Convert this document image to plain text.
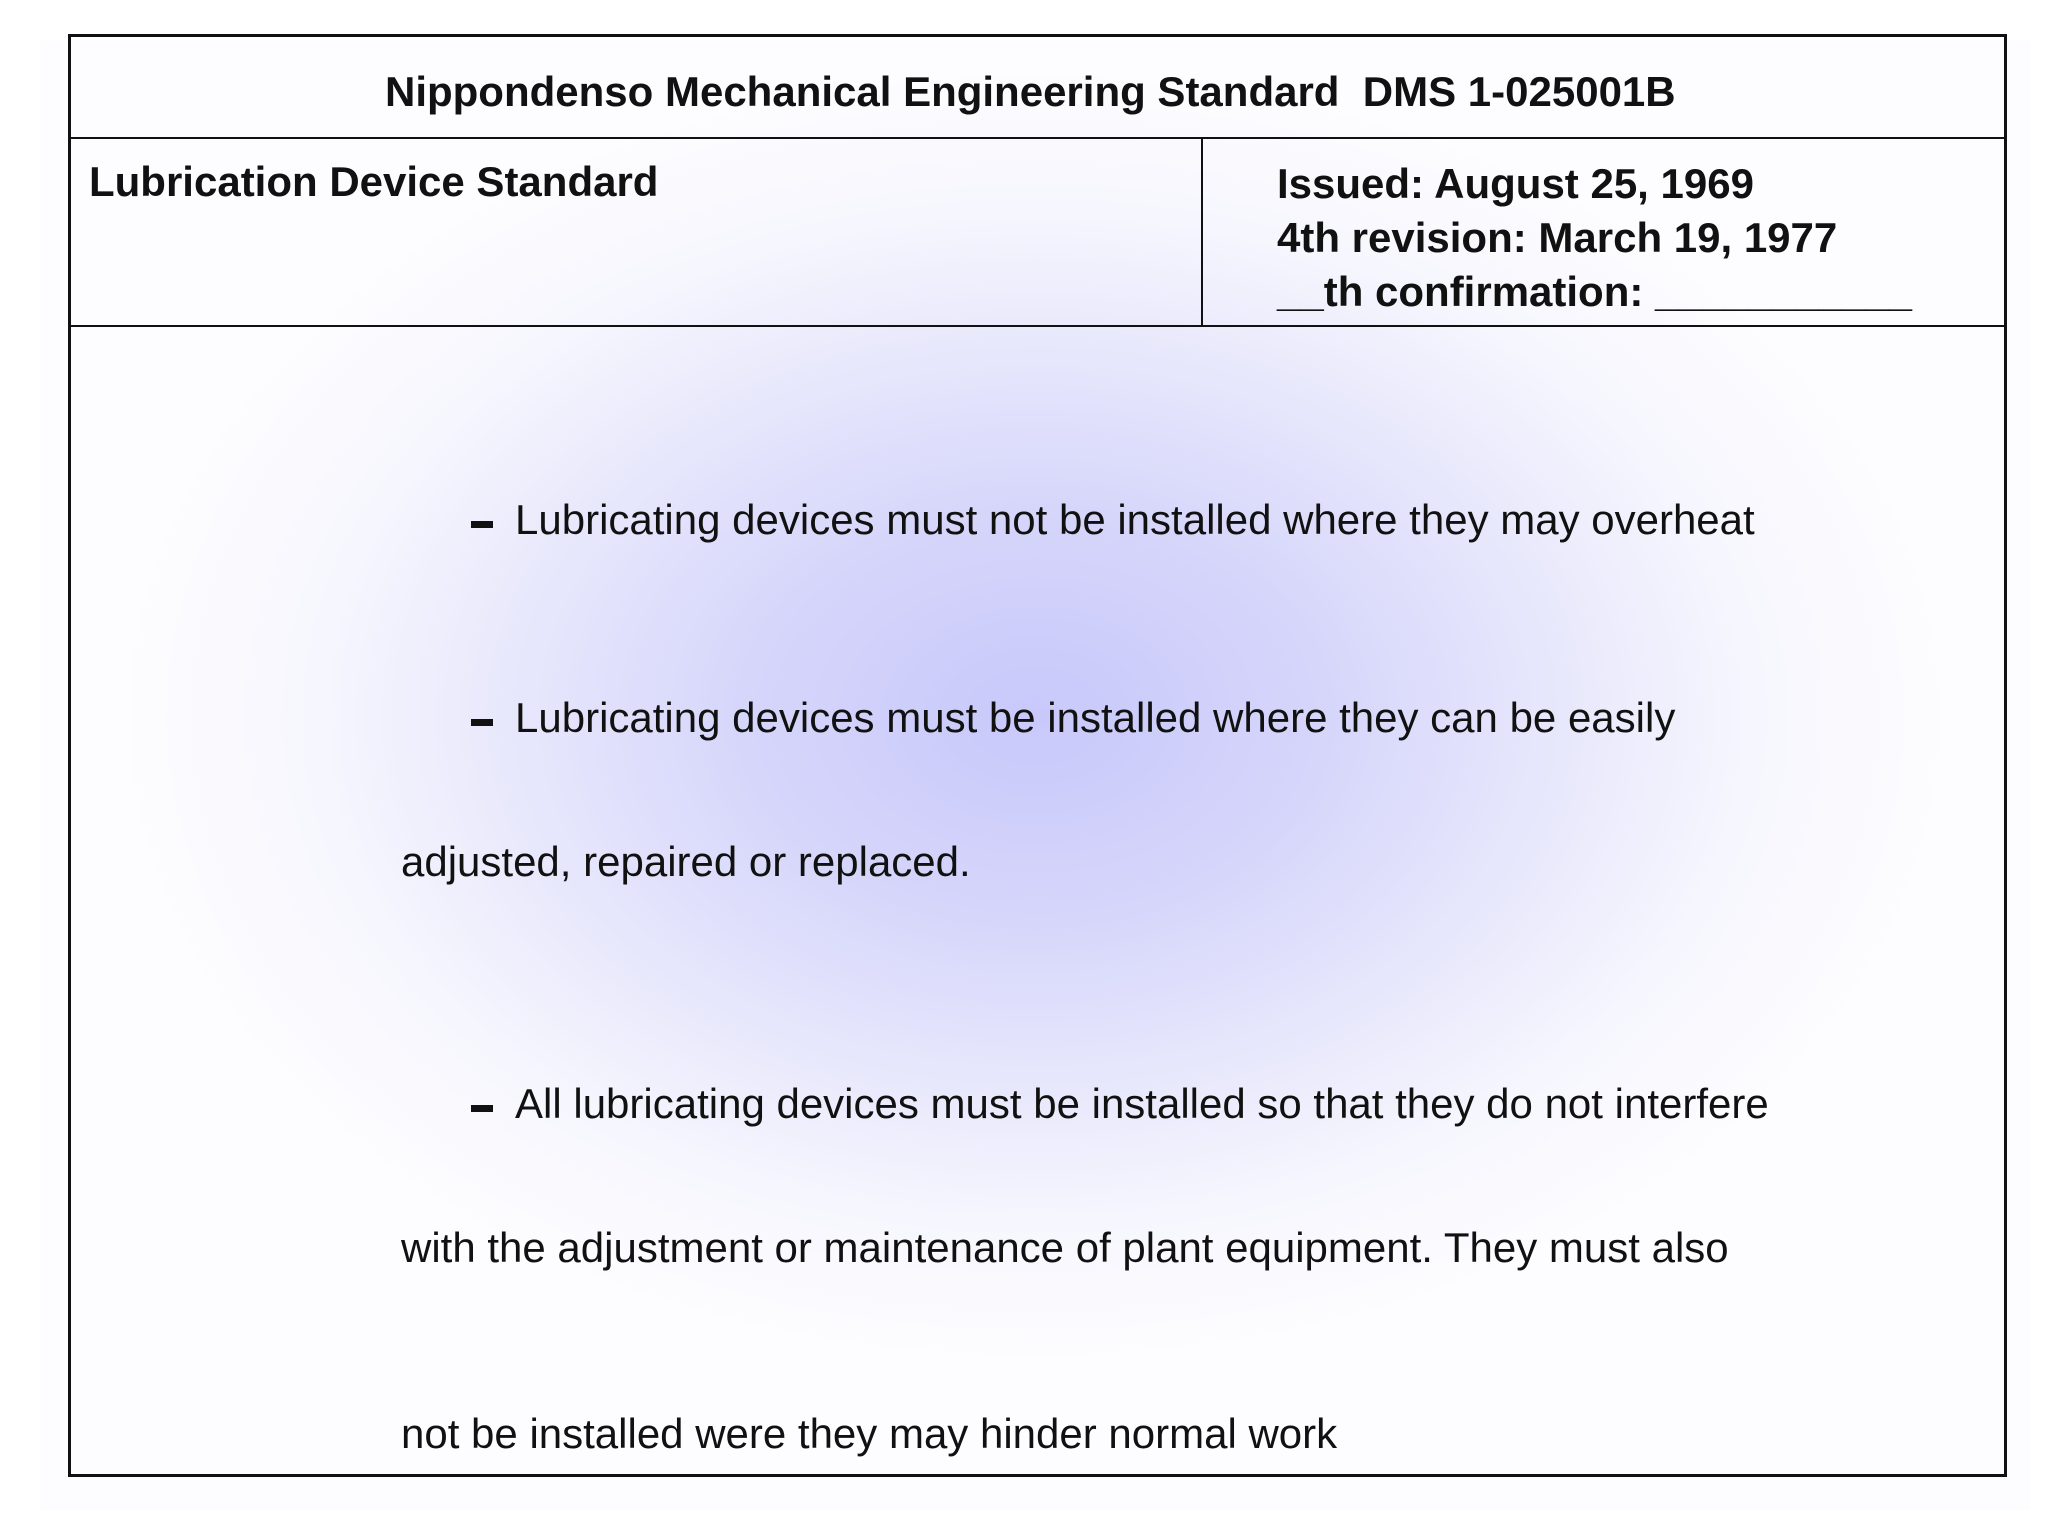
Nippondenso Mechanical Engineering Standard  DMS 1-025001B
Lubrication Device Standard	Issued: August 25, 1969
4th revision: March 19, 1977
__th confirmation: ___________

Lubricating devices must not be installed where they may overheat

Lubricating devices must be installed where they can be easily

adjusted, repaired or replaced.

All lubricating devices must be installed so that they do not interfere

with the adjustment or maintenance of plant equipment. They must also
not be installed were they may hinder normal work
